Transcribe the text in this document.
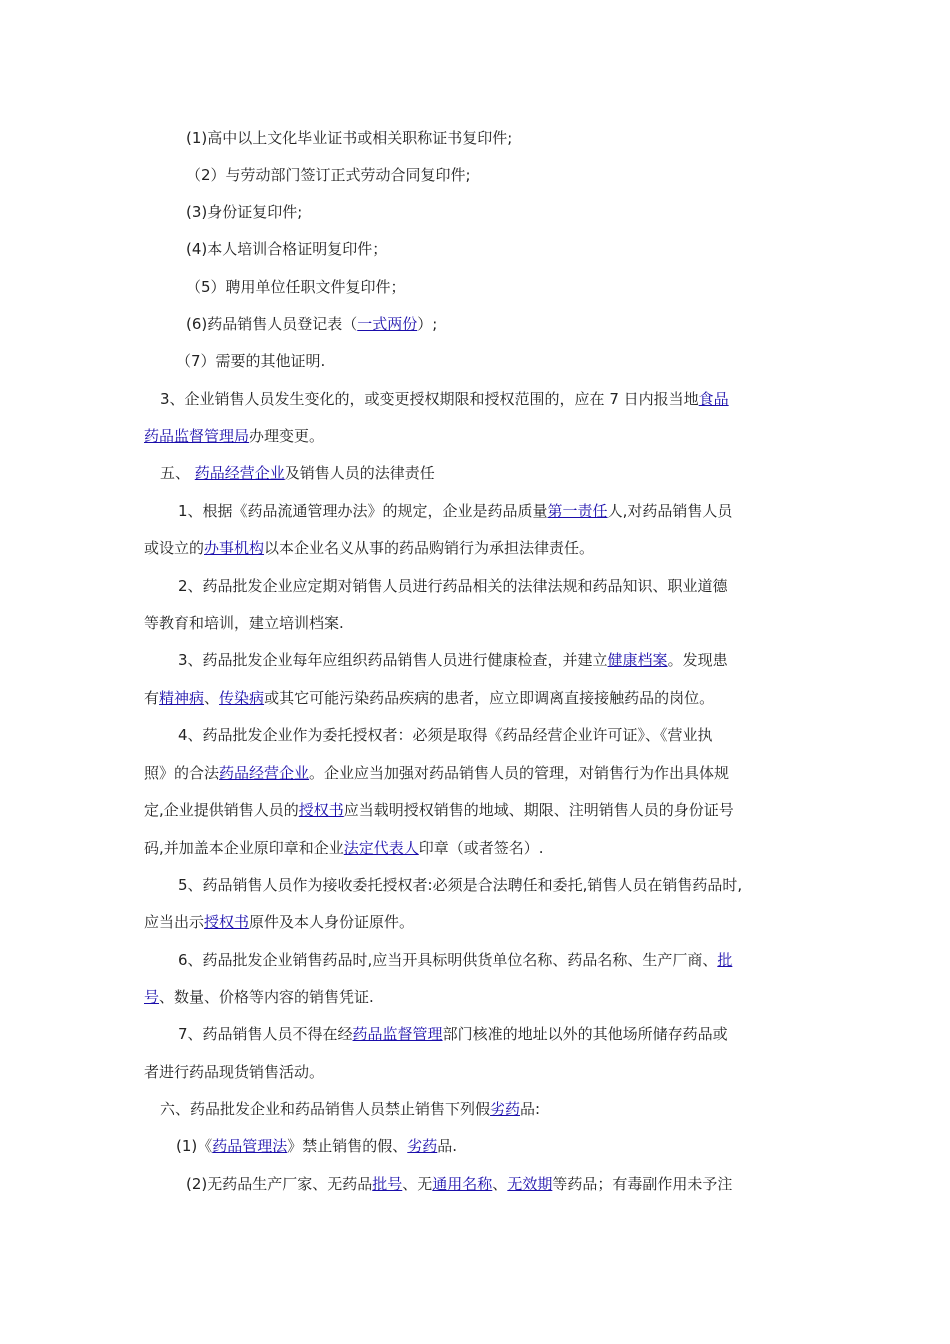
(1)高中以上文化毕业证书或相关职称证书复印件;
（2）与劳动部门签订正式劳动合同复印件;
(3)身份证复印件;
(4)本人培训合格证明复印件；
（5）聘用单位任职文件复印件；
(6)药品销售人员登记表（一式两份）;
（7）需要的其他证明.
3、企业销售人员发生变化的，或变更授权期限和授权范围的，应在 7 日内报当地食品
药品监督管理局办理变更。
五、 药品经营企业及销售人员的法律责任
1、根据《药品流通管理办法》的规定，企业是药品质量第一责任人,对药品销售人员
或设立的办事机构以本企业名义从事的药品购销行为承担法律责任。
2、药品批发企业应定期对销售人员进行药品相关的法律法规和药品知识、职业道德
等教育和培训，建立培训档案.
3、药品批发企业每年应组织药品销售人员进行健康检查，并建立健康档案。发现患
有精神病、传染病或其它可能污染药品疾病的患者，应立即调离直接接触药品的岗位。
4、药品批发企业作为委托授权者：必须是取得《药品经营企业许可证》、《营业执
照》的合法药品经营企业。企业应当加强对药品销售人员的管理，对销售行为作出具体规
定,企业提供销售人员的授权书应当载明授权销售的地域、期限、注明销售人员的身份证号
码,并加盖本企业原印章和企业法定代表人印章（或者签名）.
5、药品销售人员作为接收委托授权者:必须是合法聘任和委托,销售人员在销售药品时,
应当出示授权书原件及本人身份证原件。
6、药品批发企业销售药品时,应当开具标明供货单位名称、药品名称、生产厂商、批
号、数量、价格等内容的销售凭证.
7、药品销售人员不得在经药品监督管理部门核准的地址以外的其他场所储存药品或
者进行药品现货销售活动。
六、药品批发企业和药品销售人员禁止销售下列假劣药品:
(1)《药品管理法》禁止销售的假、劣药品.
(2)无药品生产厂家、无药品批号、无通用名称、无效期等药品；有毒副作用未予注
